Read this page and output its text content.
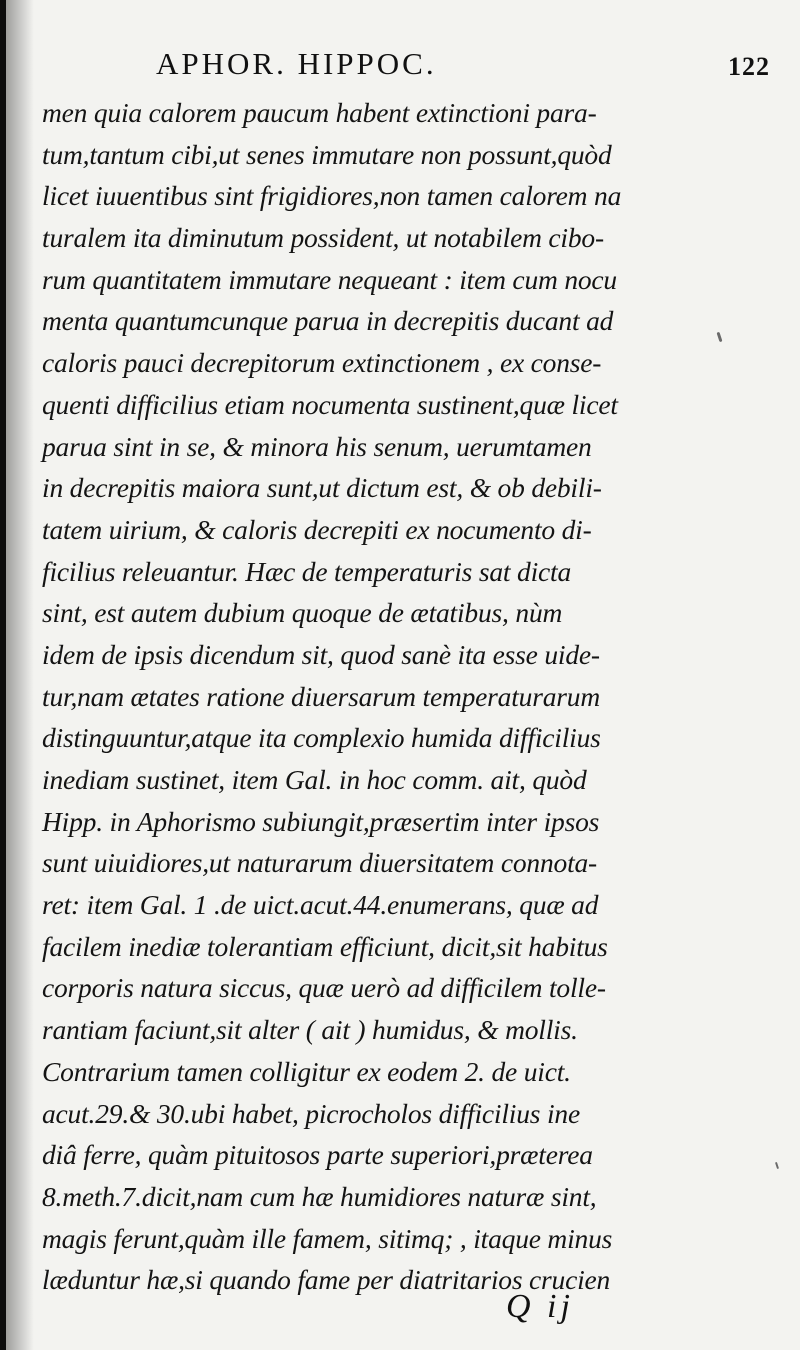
APHOR. HIPPOC.	122
men quia calorem paucum habent extinctioni para-
tum,tantum cibi,ut senes immutare non possunt,quòd
licet iuuentibus sint frigidiores,non tamen calorem na
turalem ita diminutum possident, ut notabilem cibo-
rum quantitatem immutare nequeant : item cum nocu
menta quantumcunque parua in decrepitis ducant ad
caloris pauci decrepitorum extinctionem , ex conse-
quenti difficilius etiam nocumenta sustinent,quæ licet
parua sint in se, & minora his senum, uerumtamen
in decrepitis maiora sunt,ut dictum est, & ob debili-
tatem uirium, & caloris decrepiti ex nocumento di-
ficilius releuantur. Hæc de temperaturis sat dicta
sint, est autem dubium quoque de ætatibus, nùm
idem de ipsis dicendum sit, quod sanè ita esse uide-
tur,nam ætates ratione diuersarum temperaturarum
distinguuntur,atque ita complexio humida difficilius
inediam sustinet, item Gal. in hoc comm. ait, quòd
Hipp. in Aphorismo subiungit,præsertim inter ipsos
sunt uiuidiores,ut naturarum diuersitatem connota-
ret: item Gal. 1 .de uict.acut.44.enumerans, quæ ad
facilem inediæ tolerantiam efficiunt, dicit,sit habitus
corporis natura siccus, quæ uerò ad difficilem tolle-
rantiam faciunt,sit alter ( ait ) humidus, & mollis.
Contrarium tamen colligitur ex eodem 2. de uict.
acut.29.& 30.ubi habet, picrocholos difficilius ine
diâ ferre, quàm pituitosos parte superiori,præterea
8.meth.7.dicit,nam cum hæ humidiores naturæ sint,
magis ferunt,quàm ille famem, sitimq; , itaque minus
læduntur hæ,si quando fame per diatritarios crucien
Q ij
